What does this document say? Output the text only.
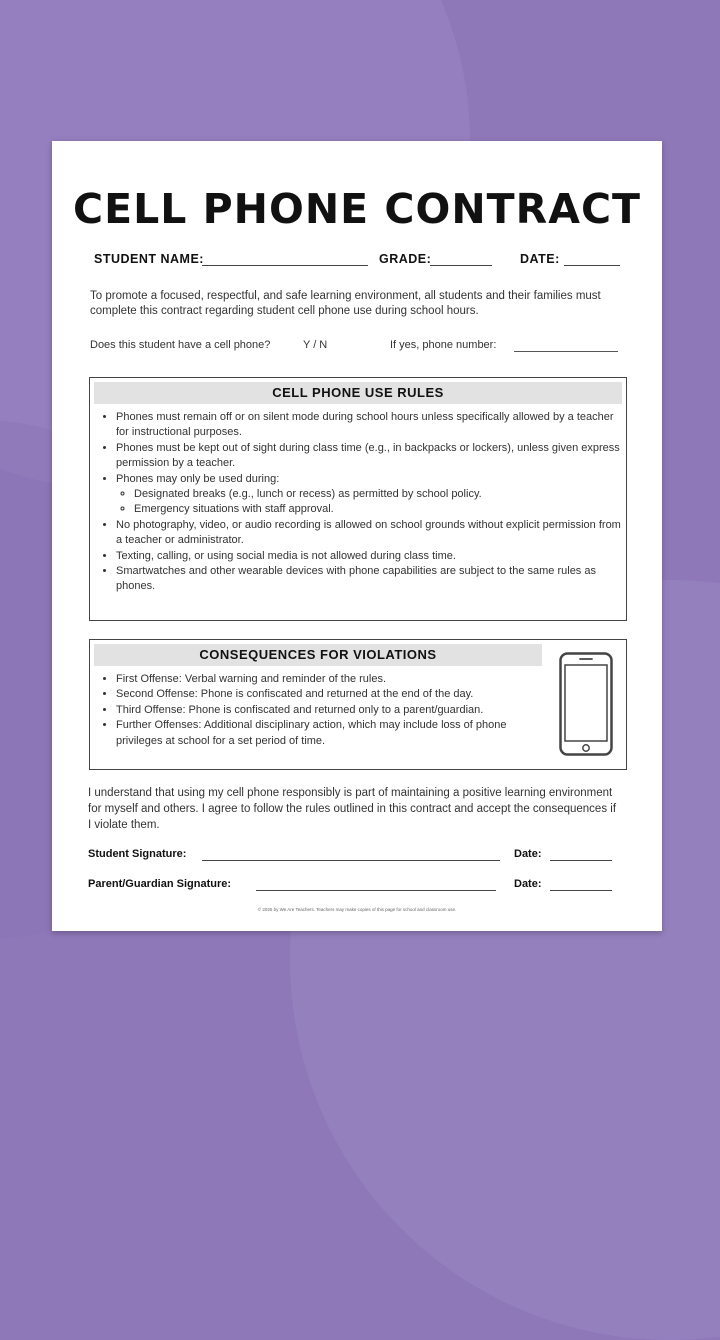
CELL PHONE CONTRACT
STUDENT NAME:	GRADE:	DATE:
To promote a focused, respectful, and safe learning environment, all students and their families must complete this contract regarding student cell phone use during school hours.
Does this student have a cell phone?	Y / N	If yes, phone number:
CELL PHONE USE RULES
• Phones must remain off or on silent mode during school hours unless specifically allowed by a teacher for instructional purposes.
• Phones must be kept out of sight during class time (e.g., in backpacks or lockers), unless given express permission by a teacher.
• Phones may only be used during:
◦ Designated breaks (e.g., lunch or recess) as permitted by school policy.
◦ Emergency situations with staff approval.
• No photography, video, or audio recording is allowed on school grounds without explicit permission from a teacher or administrator.
• Texting, calling, or using social media is not allowed during class time.
• Smartwatches and other wearable devices with phone capabilities are subject to the same rules as phones.
CONSEQUENCES FOR VIOLATIONS
• First Offense: Verbal warning and reminder of the rules.
• Second Offense: Phone is confiscated and returned at the end of the day.
• Third Offense: Phone is confiscated and returned only to a parent/guardian.
• Further Offenses: Additional disciplinary action, which may include loss of phone privileges at school for a set period of time.
I understand that using my cell phone responsibly is part of maintaining a positive learning environment for myself and others. I agree to follow the rules outlined in this contract and accept the consequences if I violate them.
Student Signature:	Date:
Parent/Guardian Signature:	Date:
© 2025 by We Are Teachers. Teachers may make copies of this page for school and classroom use.
